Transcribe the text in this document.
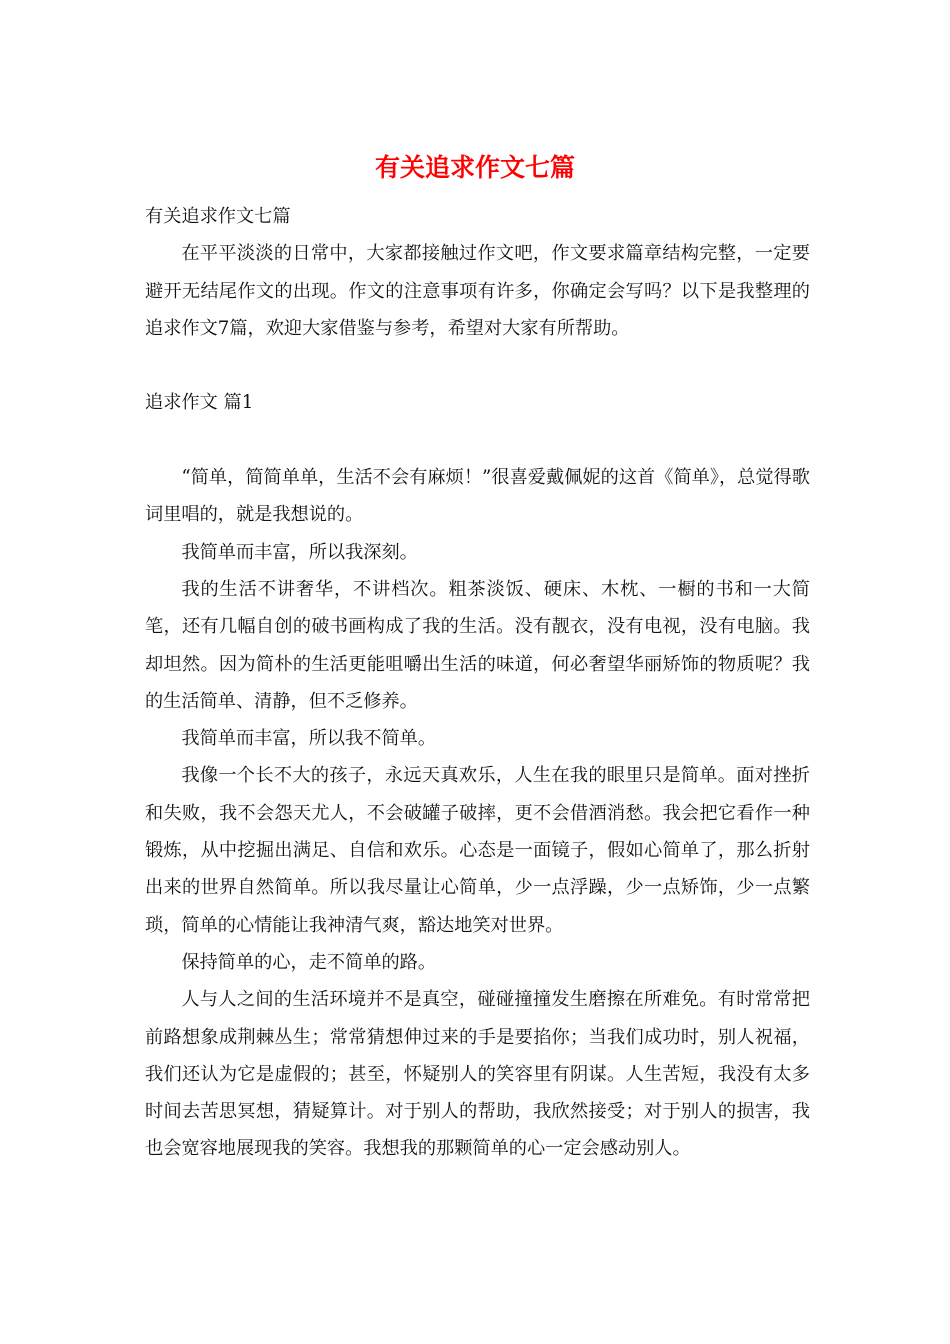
有关追求作文七篇

有关追求作文七篇

在平平淡淡的日常中，大家都接触过作文吧，作文要求篇章结构完整，一定要避开无结尾作文的出现。作文的注意事项有许多，你确定会写吗？以下是我整理的追求作文7篇，欢迎大家借鉴与参考，希望对大家有所帮助。

追求作文 篇1

“简单，简简单单，生活不会有麻烦！”很喜爱戴佩妮的这首《简单》，总觉得歌词里唱的，就是我想说的。

我简单而丰富，所以我深刻。

我的生活不讲奢华，不讲档次。粗茶淡饭、硬床、木枕、一橱的书和一大简笔，还有几幅自创的破书画构成了我的生活。没有靓衣，没有电视，没有电脑。我却坦然。因为简朴的生活更能咀嚼出生活的味道，何必奢望华丽矫饰的物质呢？我的生活简单、清静，但不乏修养。

我简单而丰富，所以我不简单。

我像一个长不大的孩子，永远天真欢乐，人生在我的眼里只是简单。面对挫折和失败，我不会怨天尤人，不会破罐子破摔，更不会借酒消愁。我会把它看作一种锻炼，从中挖掘出满足、自信和欢乐。心态是一面镜子，假如心简单了，那么折射出来的世界自然简单。所以我尽量让心简单，少一点浮躁，少一点矫饰，少一点繁琐，简单的心情能让我神清气爽，豁达地笑对世界。

保持简单的心，走不简单的路。

人与人之间的生活环境并不是真空，碰碰撞撞发生磨擦在所难免。有时常常把前路想象成荆棘丛生；常常猜想伸过来的手是要掐你；当我们成功时，别人祝福，我们还认为它是虚假的；甚至，怀疑别人的笑容里有阴谋。人生苦短，我没有太多时间去苦思冥想，猜疑算计。对于别人的帮助，我欣然接受；对于别人的损害，我也会宽容地展现我的笑容。我想我的那颗简单的心一定会感动别人。
